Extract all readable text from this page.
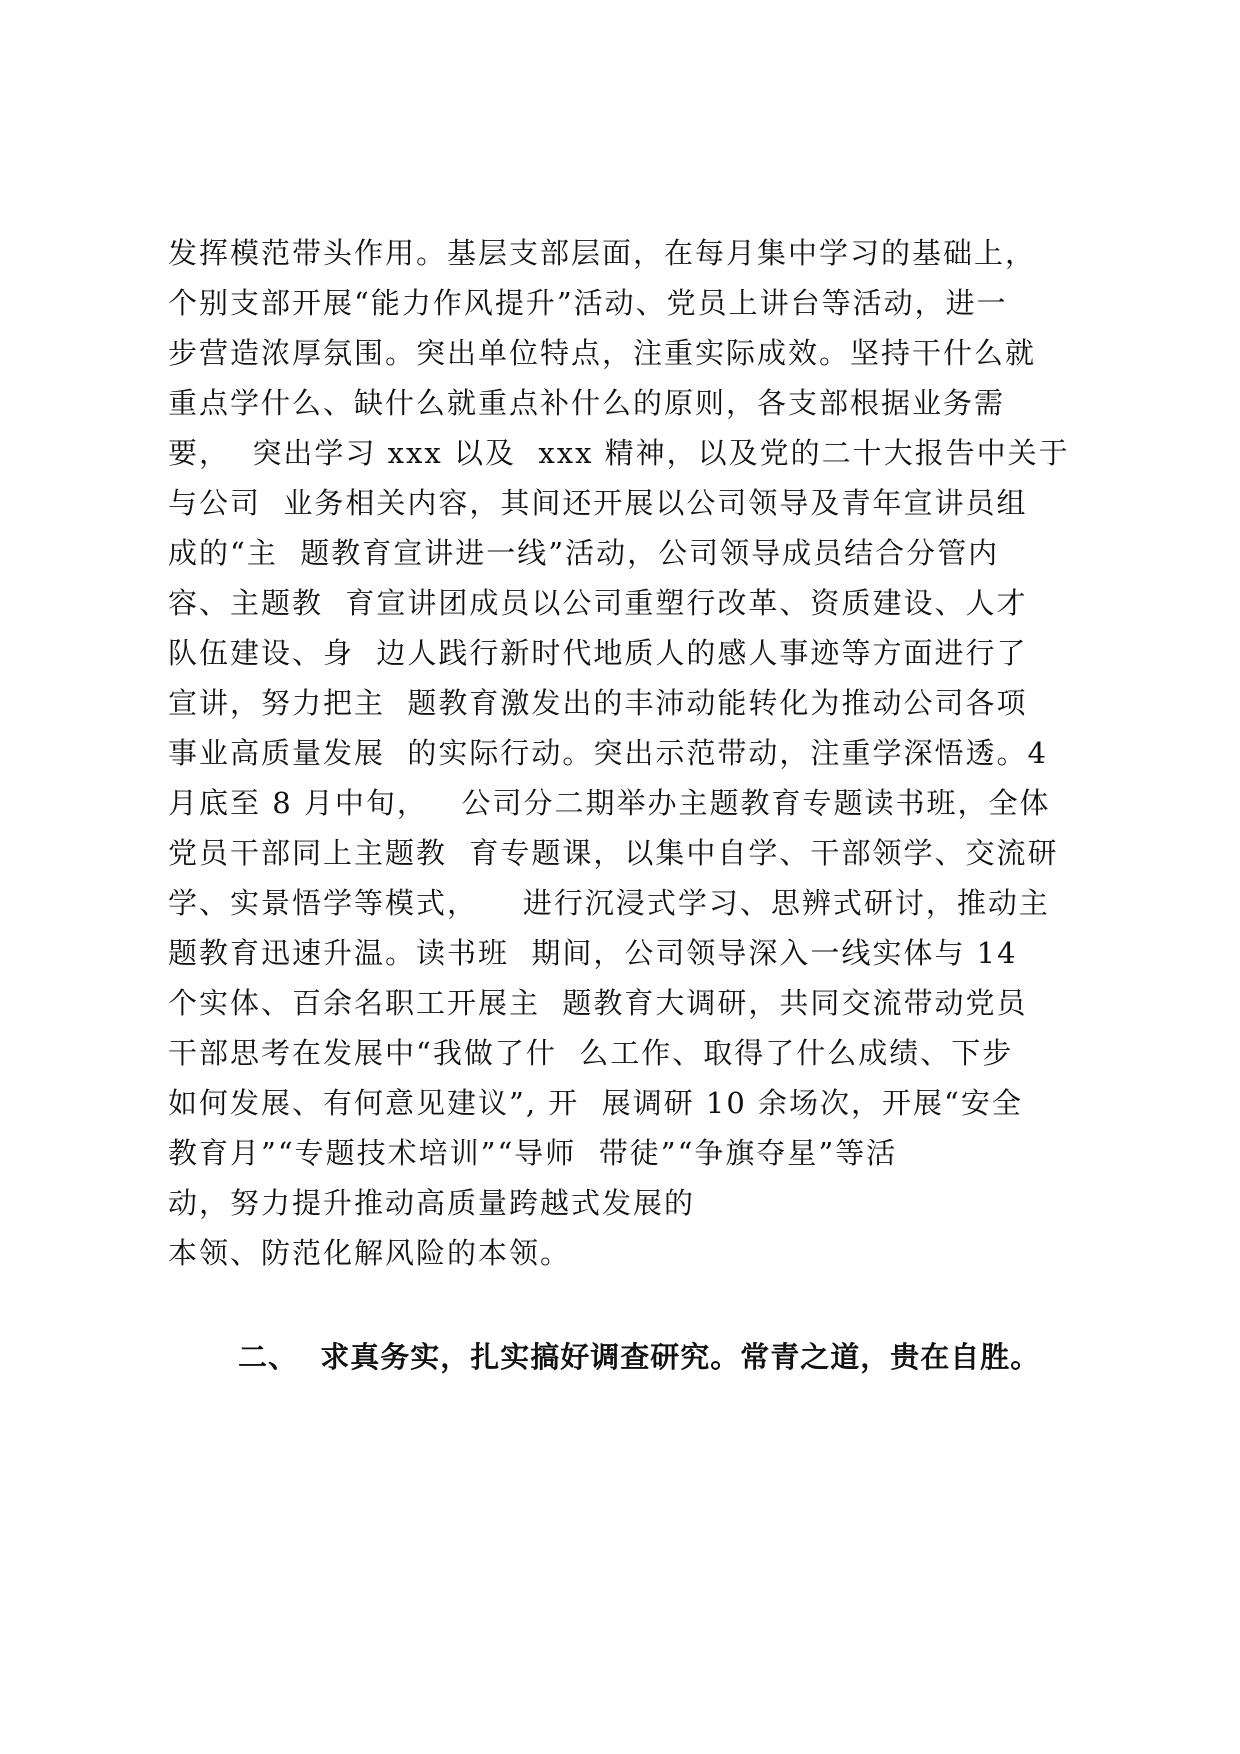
发挥模范带头作用。基层支部层面，在每月集中学习的基础上，
个别支部开展“能力作风提升”活动、党员上讲台等活动，进一
步营造浓厚氛围。突出单位特点，注重实际成效。坚持干什么就
重点学什么、缺什么就重点补什么的原则，各支部根据业务需
要，  突出学习 xxx 以及  xxx 精神，以及党的二十大报告中关于
与公司  业务相关内容，其间还开展以公司领导及青年宣讲员组
成的“主  题教育宣讲进一线”活动，公司领导成员结合分管内
容、主题教  育宣讲团成员以公司重塑行改革、资质建设、人才
队伍建设、身  边人践行新时代地质人的感人事迹等方面进行了
宣讲，努力把主  题教育激发出的丰沛动能转化为推动公司各项
事业高质量发展  的实际行动。突出示范带动，注重学深悟透。4
月底至 8 月中旬，   公司分二期举办主题教育专题读书班，全体
党员干部同上主题教  育专题课，以集中自学、干部领学、交流研
学、实景悟学等模式，    进行沉浸式学习、思辨式研讨，推动主
题教育迅速升温。读书班  期间，公司领导深入一线实体与 14
个实体、百余名职工开展主  题教育大调研，共同交流带动党员
干部思考在发展中“我做了什  么工作、取得了什么成绩、下步
如何发展、有何意见建议”, 开  展调研 10 余场次，开展“安全
教育月”“专题技术培训”“导师  带徒”“争旗夺星”等活
动，努力提升推动高质量跨越式发展的
本领、防范化解风险的本领。
二、  求真务实，扎实搞好调查研究。常青之道，贵在自胜。
